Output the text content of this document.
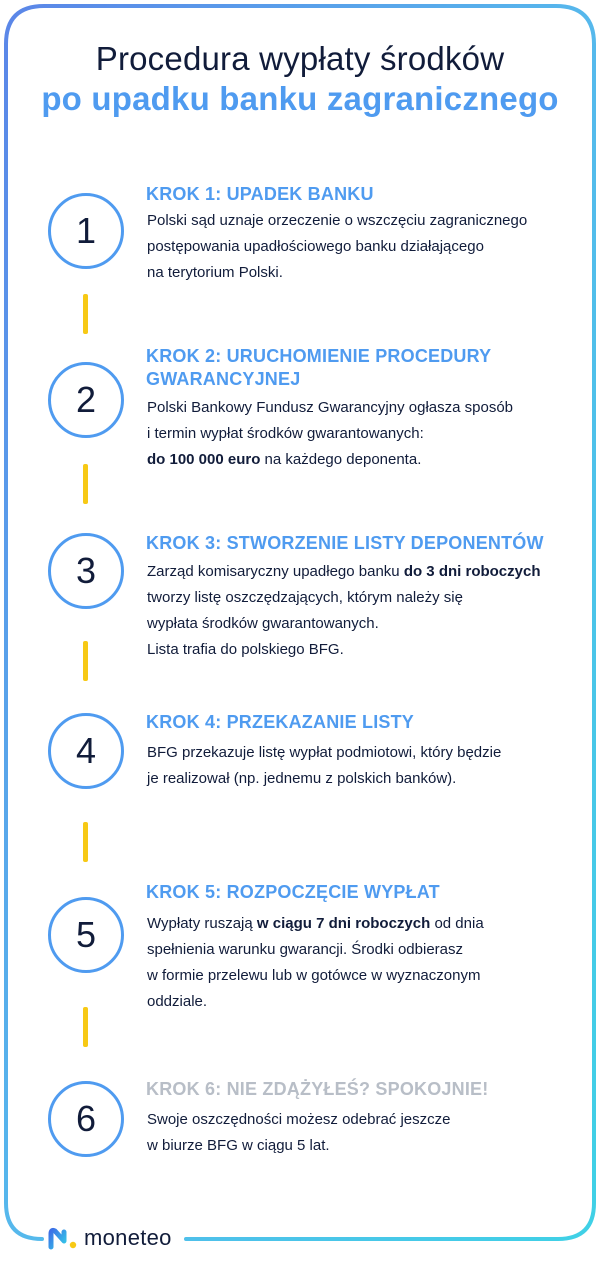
Procedura wypłaty środków
po upadku banku zagranicznego
1
KROK 1: UPADEK BANKU
Polski sąd uznaje orzeczenie o wszczęciu zagranicznego
postępowania upadłościowego banku działającego
na terytorium Polski.
2
KROK 2: URUCHOMIENIE PROCEDURY
GWARANCYJNEJ
Polski Bankowy Fundusz Gwarancyjny ogłasza sposób
i termin wypłat środków gwarantowanych:
do 100 000 euro na każdego deponenta.
3
KROK 3: STWORZENIE LISTY DEPONENTÓW
Zarząd komisaryczny upadłego banku do 3 dni roboczych
tworzy listę oszczędzających, którym należy się
wypłata środków gwarantowanych.
Lista trafia do polskiego BFG.
4
KROK 4: PRZEKAZANIE LISTY
BFG przekazuje listę wypłat podmiotowi, który będzie
je realizował (np. jednemu z polskich banków).
5
KROK 5: ROZPOCZĘCIE WYPŁAT
Wypłaty ruszają w ciągu 7 dni roboczych od dnia
spełnienia warunku gwarancji. Środki odbierasz
w formie przelewu lub w gotówce w wyznaczonym
oddziale.
6
KROK 6: NIE ZDĄŻYŁEŚ? SPOKOJNIE!
Swoje oszczędności możesz odebrać jeszcze
w biurze BFG w ciągu 5 lat.
moneteo
